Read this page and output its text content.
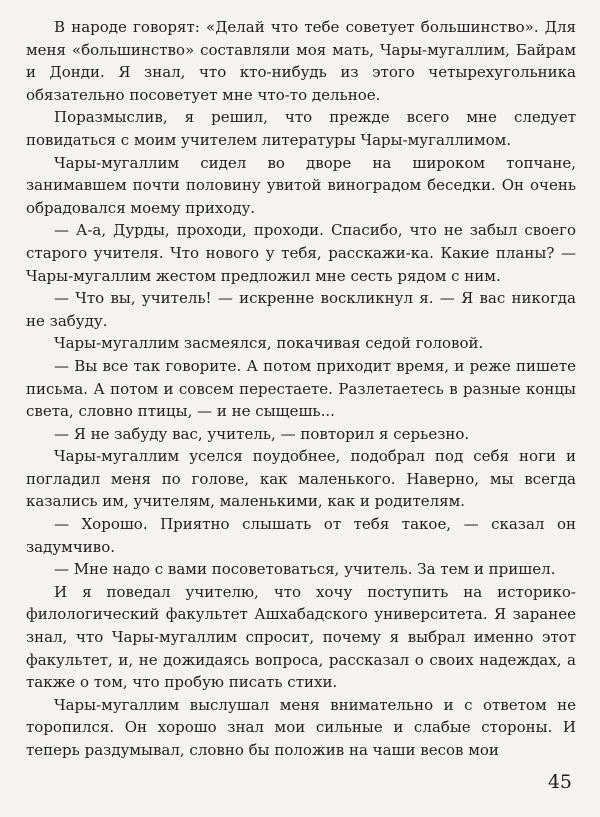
В народе говорят: «Делай что тебе советует большинство». Для меня «большинство» составляли моя мать, Чары-мугаллим, Байрам и Донди. Я знал, что кто-нибудь из этого четырехугольника обязательно посоветует мне что-то дельное.

Поразмыслив, я решил, что прежде всего мне следует повидаться с моим учителем литературы Чары-мугаллимом.

Чары-мугаллим сидел во дворе на широком топчане, занимавшем почти половину увитой виноградом беседки. Он очень обрадовался моему приходу.

— А-а, Дурды, проходи, проходи. Спасибо, что не забыл своего старого учителя. Что нового у тебя, расскажи-ка. Какие планы? — Чары-мугаллим жестом предложил мне сесть рядом с ним.

— Что вы, учитель! — искренне воскликнул я. — Я вас никогда не забуду.

Чары-мугаллим засмеялся, покачивая седой головой.

— Вы все так говорите. А потом приходит время, и реже пишете письма. А потом и совсем перестаете. Разлетаетесь в разные концы света, словно птицы, — и не сыщешь...

— Я не забуду вас, учитель, — повторил я серьезно.

Чары-мугаллим уселся поудобнее, подобрал под себя ноги и погладил меня по голове, как маленького. Наверно, мы всегда казались им, учителям, маленькими, как и родителям.

— Хорошо. Приятно слышать от тебя такое, — сказал он задумчиво.

— Мне надо с вами посоветоваться, учитель. За тем и пришел.

И я поведал учителю, что хочу поступить на историко-филологический факультет Ашхабадского университета. Я заранее знал, что Чары-мугаллим спросит, почему я выбрал именно этот факультет, и, не дожидаясь вопроса, рассказал о своих надеждах, а также о том, что пробую писать стихи.

Чары-мугаллим выслушал меня внимательно и с ответом не торопился. Он хорошо знал мои сильные и слабые стороны. И теперь раздумывал, словно бы положив на чаши весов мои

45
